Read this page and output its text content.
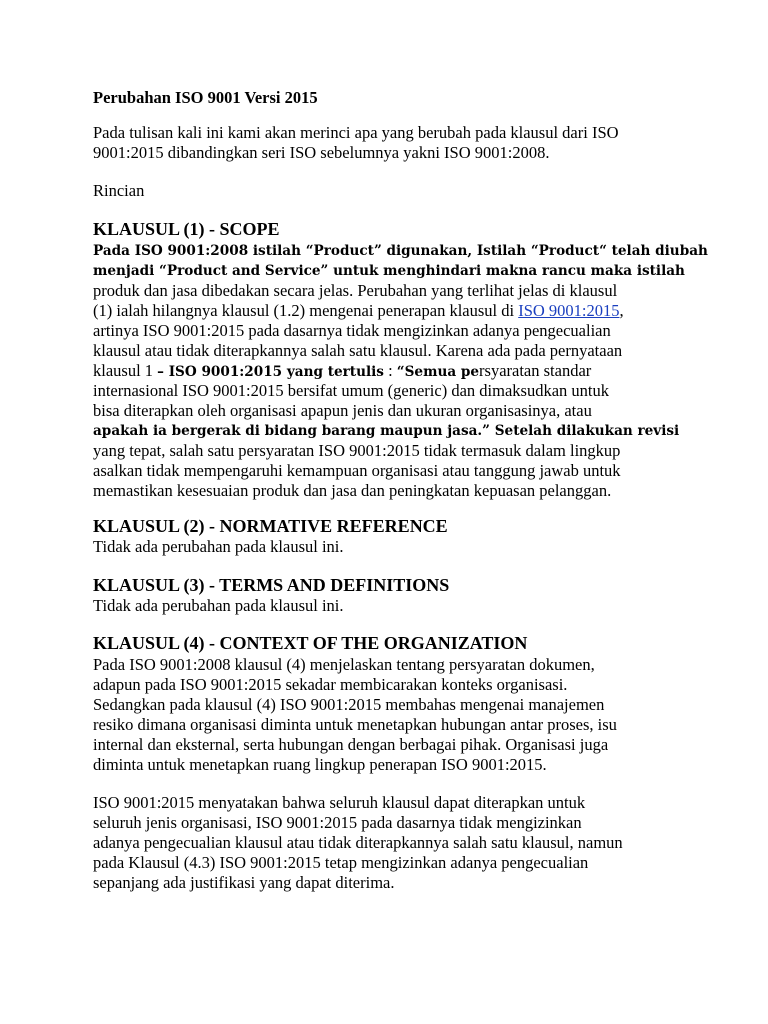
Perubahan ISO 9001 Versi 2015
Pada tulisan kali ini kami akan merinci apa yang berubah pada klausul dari ISO
9001:2015 dibandingkan seri ISO sebelumnya yakni ISO 9001:2008.
Rincian
KLAUSUL (1) - SCOPE
Pada ISO 9001:2008 istilah “Product” digunakan, Istilah “Product“ telah diubah
menjadi “Product and Service” untuk menghindari makna rancu maka istilah
produk dan jasa dibedakan secara jelas. Perubahan yang terlihat jelas di klausul
(1) ialah hilangnya klausul (1.2) mengenai penerapan klausul di ISO 9001:2015,
artinya ISO 9001:2015 pada dasarnya tidak mengizinkan adanya pengecualian
klausul atau tidak diterapkannya salah satu klausul. Karena ada pada pernyataan
klausul 1 – ISO 9001:2015 yang tertulis : “Semua persyaratan standar
internasional ISO 9001:2015 bersifat umum (generic) dan dimaksudkan untuk
bisa diterapkan oleh organisasi apapun jenis dan ukuran organisasinya, atau
apakah ia bergerak di bidang barang maupun jasa.” Setelah dilakukan revisi
yang tepat, salah satu persyaratan ISO 9001:2015 tidak termasuk dalam lingkup
asalkan tidak mempengaruhi kemampuan organisasi atau tanggung jawab untuk
memastikan kesesuaian produk dan jasa dan peningkatan kepuasan pelanggan.
KLAUSUL (2) - NORMATIVE REFERENCE
Tidak ada perubahan pada klausul ini.
KLAUSUL (3) - TERMS AND DEFINITIONS
Tidak ada perubahan pada klausul ini.
KLAUSUL (4) - CONTEXT OF THE ORGANIZATION
Pada ISO 9001:2008 klausul (4) menjelaskan tentang persyaratan dokumen,
adapun pada ISO 9001:2015 sekadar membicarakan konteks organisasi.
Sedangkan pada klausul (4) ISO 9001:2015 membahas mengenai manajemen
resiko dimana organisasi diminta untuk menetapkan hubungan antar proses, isu
internal dan eksternal, serta hubungan dengan berbagai pihak. Organisasi juga
diminta untuk menetapkan ruang lingkup penerapan ISO 9001:2015.
ISO 9001:2015 menyatakan bahwa seluruh klausul dapat diterapkan untuk
seluruh jenis organisasi, ISO 9001:2015 pada dasarnya tidak mengizinkan
adanya pengecualian klausul atau tidak diterapkannya salah satu klausul, namun
pada Klausul (4.3) ISO 9001:2015 tetap mengizinkan adanya pengecualian
sepanjang ada justifikasi yang dapat diterima.
